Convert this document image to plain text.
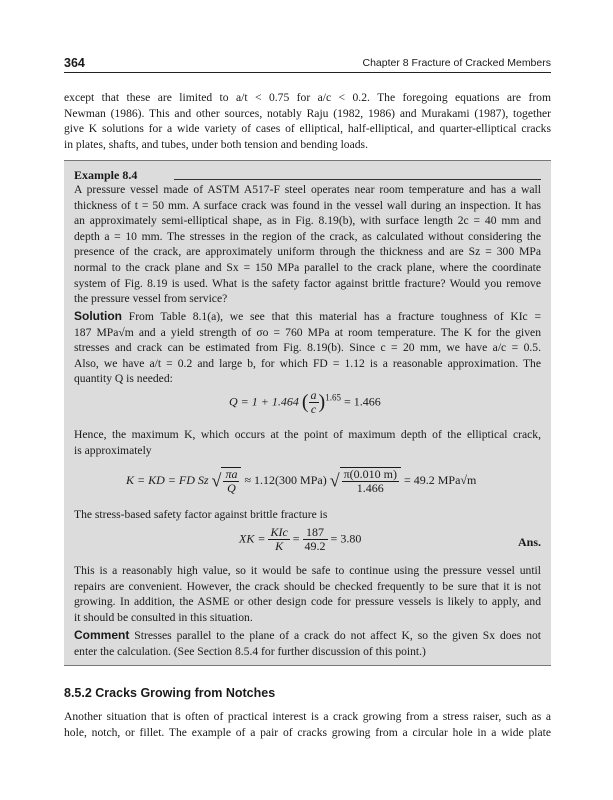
364	Chapter 8 Fracture of Cracked Members
except that these are limited to a/t < 0.75 for a/c < 0.2. The foregoing equations are from
Newman (1986). This and other sources, notably Raju (1982, 1986) and Murakami (1987), together
give K solutions for a wide variety of cases of elliptical, half-elliptical, and quarter-elliptical cracks
in plates, shafts, and tubes, under both tension and bending loads.
Example 8.4
A pressure vessel made of ASTM A517-F steel operates near room temperature and has a wall
thickness of t = 50 mm. A surface crack was found in the vessel wall during an inspection. It has
an approximately semi-elliptical shape, as in Fig. 8.19(b), with surface length 2c = 40 mm and
depth a = 10 mm. The stresses in the region of the crack, as calculated without considering the
presence of the crack, are approximately uniform through the thickness and are Sz = 300 MPa
normal to the crack plane and Sx = 150 MPa parallel to the crack plane, where the coordinate
system of Fig. 8.19 is used. What is the safety factor against brittle fracture? Would you remove
the pressure vessel from service?
Solution From Table 8.1(a), we see that this material has a fracture toughness of KIc =
187 MPa√m and a yield strength of σo = 760 MPa at room temperature. The K for the given
stresses and crack can be estimated from Fig. 8.19(b). Since c = 20 mm, we have a/c = 0.5.
Also, we have a/t = 0.2 and large b, for which FD = 1.12 is a reasonable approximation. The
quantity Q is needed:
Q = 1 + 1.464 ( $\frac{a}{c} )^{1.65} = 1.466$
Hence, the maximum K, which occurs at the point of maximum depth of the elliptical crack,
is approximately
K = KD = FD Sz √ $\frac{\pi a}{Q} \approx 1.12(300$ MPa) √ $\frac{\pi(0.010 m)}{1.466} = 49.2$ MPa√m
The stress-based safety factor against brittle fracture is
XK = $\frac{\text{KIc}}{K} = \frac{187}{49.2} = 3.80$	Ans.
This is a reasonably high value, so it would be safe to continue using the pressure vessel until
repairs are convenient. However, the crack should be checked frequently to be sure that it is not
growing. In addition, the ASME or other design code for pressure vessels is likely to apply, and
it should be consulted in this situation.
Comment Stresses parallel to the plane of a crack do not affect K, so the given Sx does not
enter the calculation. (See Section 8.5.4 for further discussion of this point.)
8.5.2 Cracks Growing from Notches
Another situation that is often of practical interest is a crack growing from a stress raiser, such as a
hole, notch, or fillet. The example of a pair of cracks growing from a circular hole in a wide plate
